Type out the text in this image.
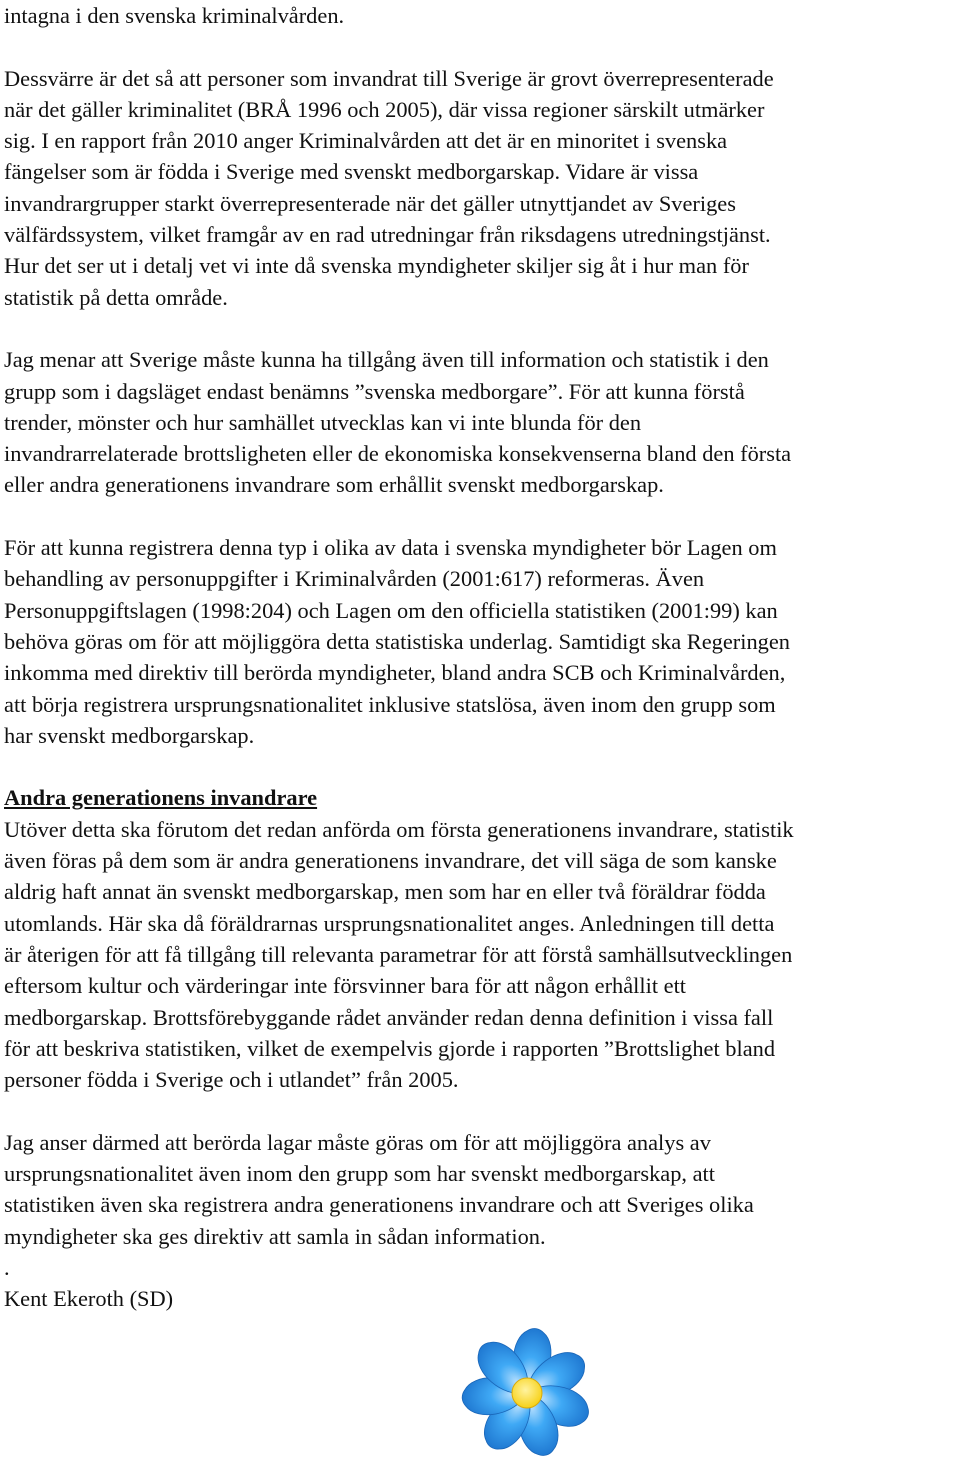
intagna i den svenska kriminalvården.

Dessvärre är det så att personer som invandrat till Sverige är grovt överrepresenterade
när det gäller kriminalitet (BRÅ 1996 och 2005), där vissa regioner särskilt utmärker
sig. I en rapport från 2010 anger Kriminalvården att det är en minoritet i svenska
fängelser som är födda i Sverige med svenskt medborgarskap. Vidare är vissa
invandrargrupper starkt överrepresenterade när det gäller utnyttjandet av Sveriges
välfärdssystem, vilket framgår av en rad utredningar från riksdagens utredningstjänst.
Hur det ser ut i detalj vet vi inte då svenska myndigheter skiljer sig åt i hur man för
statistik på detta område.

Jag menar att Sverige måste kunna ha tillgång även till information och statistik i den
grupp som i dagsläget endast benämns ”svenska medborgare”. För att kunna förstå
trender, mönster och hur samhället utvecklas kan vi inte blunda för den
invandrarrelaterade brottsligheten eller de ekonomiska konsekvenserna bland den första
eller andra generationens invandrare som erhållit svenskt medborgarskap.

För att kunna registrera denna typ i olika av data i svenska myndigheter bör Lagen om
behandling av personuppgifter i Kriminalvården (2001:617) reformeras. Även
Personuppgiftslagen (1998:204) och Lagen om den officiella statistiken (2001:99) kan
behöva göras om för att möjliggöra detta statistiska underlag. Samtidigt ska Regeringen
inkomma med direktiv till berörda myndigheter, bland andra SCB och Kriminalvården,
att börja registrera ursprungsnationalitet inklusive statslösa, även inom den grupp som
har svenskt medborgarskap.

Andra generationens invandrare

Utöver detta ska förutom det redan anförda om första generationens invandrare, statistik
även föras på dem som är andra generationens invandrare, det vill säga de som kanske
aldrig haft annat än svenskt medborgarskap, men som har en eller två föräldrar födda
utomlands. Här ska då föräldrarnas ursprungsnationalitet anges. Anledningen till detta
är återigen för att få tillgång till relevanta parametrar för att förstå samhällsutvecklingen
eftersom kultur och värderingar inte försvinner bara för att någon erhållit ett
medborgarskap. Brottsförebyggande rådet använder redan denna definition i vissa fall
för att beskriva statistiken, vilket de exempelvis gjorde i rapporten ”Brottslighet bland
personer födda i Sverige och i utlandet” från 2005.

Jag anser därmed att berörda lagar måste göras om för att möjliggöra analys av
ursprungsnationalitet även inom den grupp som har svenskt medborgarskap, att
statistiken även ska registrera andra generationens invandrare och att Sveriges olika
myndigheter ska ges direktiv att samla in sådan information.

.

Kent Ekeroth (SD)
